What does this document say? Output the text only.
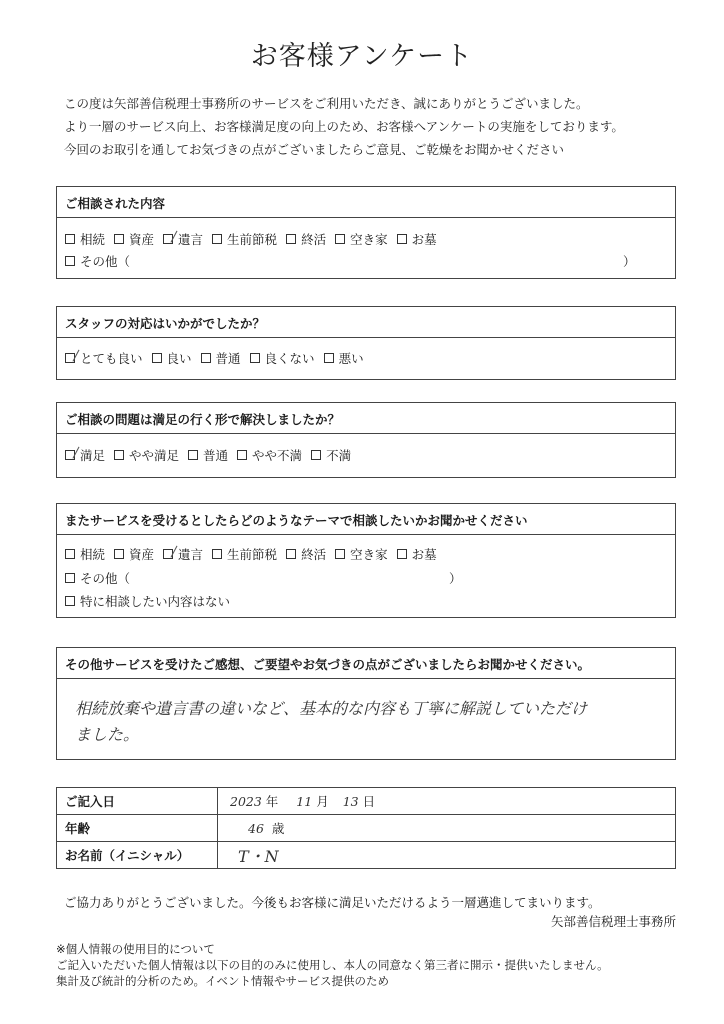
お客様アンケート
この度は矢部善信税理士事務所のサービスをご利用いただき、誠にありがとうございました。
より一層のサービス向上、お客様満足度の向上のため、お客様へアンケートの実施をしております。
今回のお取引を通してお気づきの点がございましたらご意見、ご乾燥をお聞かせください
ご相談された内容
相続 資産 遺言 生前節税 終活 空き家 お墓
その他（	）
スタッフの対応はいかがでしたか？
とても良い 良い 普通 良くない 悪い
ご相談の問題は満足の行く形で解決しましたか？
満足 やや満足 普通 やや不満 不満
またサービスを受けるとしたらどのようなテーマで相談したいかお聞かせください
相続 資産 遺言 生前節税 終活 空き家 お墓
その他（	）
特に相談したい内容はない
その他サービスを受けたご感想、ご要望やお気づきの点がございましたらお聞かせください。
相続放棄や遺言書の違いなど、基本的な内容も丁寧に解説していただけ
ました。
ご記入日	2023 年 11 月 13 日
年齢	46 歳
お名前（イニシャル）	T・N
ご協力ありがとうございました。今後もお客様に満足いただけるよう一層邁進してまいります。
矢部善信税理士事務所
※個人情報の使用目的について
ご記入いただいた個人情報は以下の目的のみに使用し、本人の同意なく第三者に開示・提供いたしません。
集計及び統計的分析のため。イベント情報やサービス提供のため
